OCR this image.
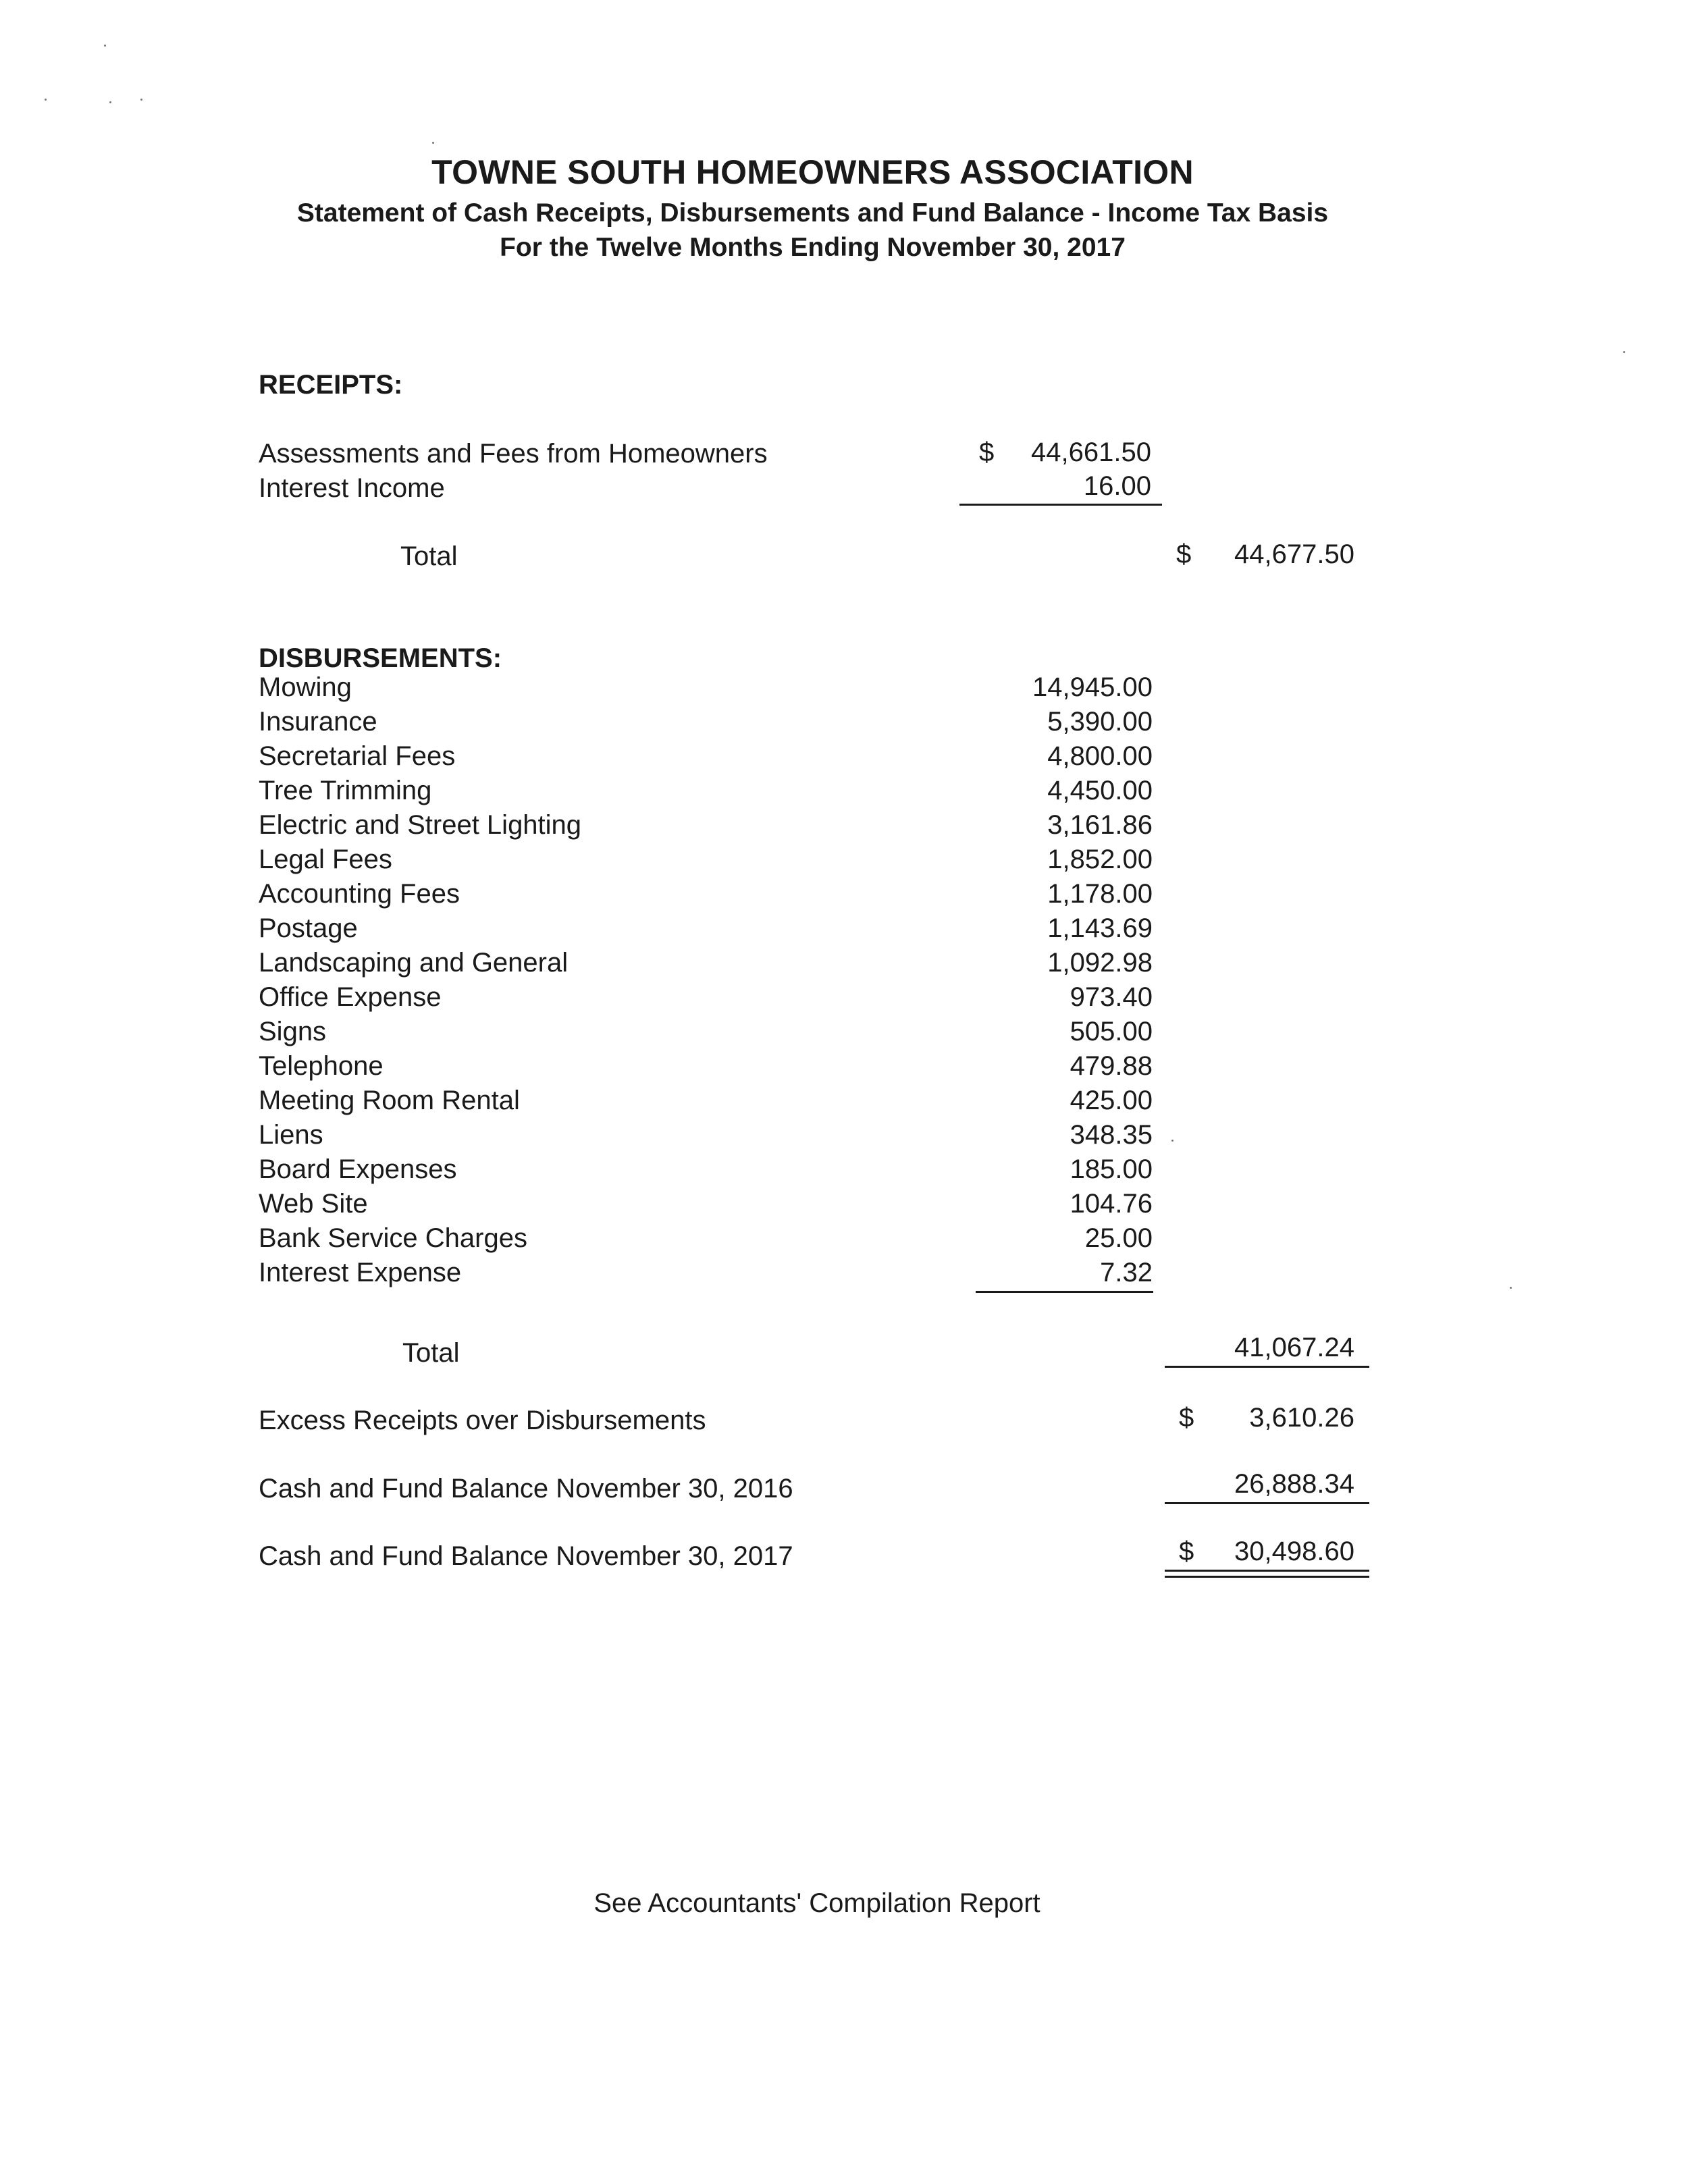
TOWNE SOUTH HOMEOWNERS ASSOCIATION
Statement of Cash Receipts, Disbursements and Fund Balance - Income Tax Basis
For the Twelve Months Ending November 30, 2017
RECEIPTS:
Assessments and Fees from Homeowners	$ 44,661.50
Interest Income	16.00
Total	$ 44,677.50
DISBURSEMENTS:
Mowing	14,945.00
Insurance	5,390.00
Secretarial Fees	4,800.00
Tree Trimming	4,450.00
Electric and Street Lighting	3,161.86
Legal Fees	1,852.00
Accounting Fees	1,178.00
Postage	1,143.69
Landscaping and General	1,092.98
Office Expense	973.40
Signs	505.00
Telephone	479.88
Meeting Room Rental	425.00
Liens	348.35
Board Expenses	185.00
Web Site	104.76
Bank Service Charges	25.00
Interest Expense	7.32
Total	41,067.24
Excess Receipts over Disbursements	$ 3,610.26
Cash and Fund Balance November 30, 2016	26,888.34
Cash and Fund Balance November 30, 2017	$ 30,498.60
See Accountants' Compilation Report
